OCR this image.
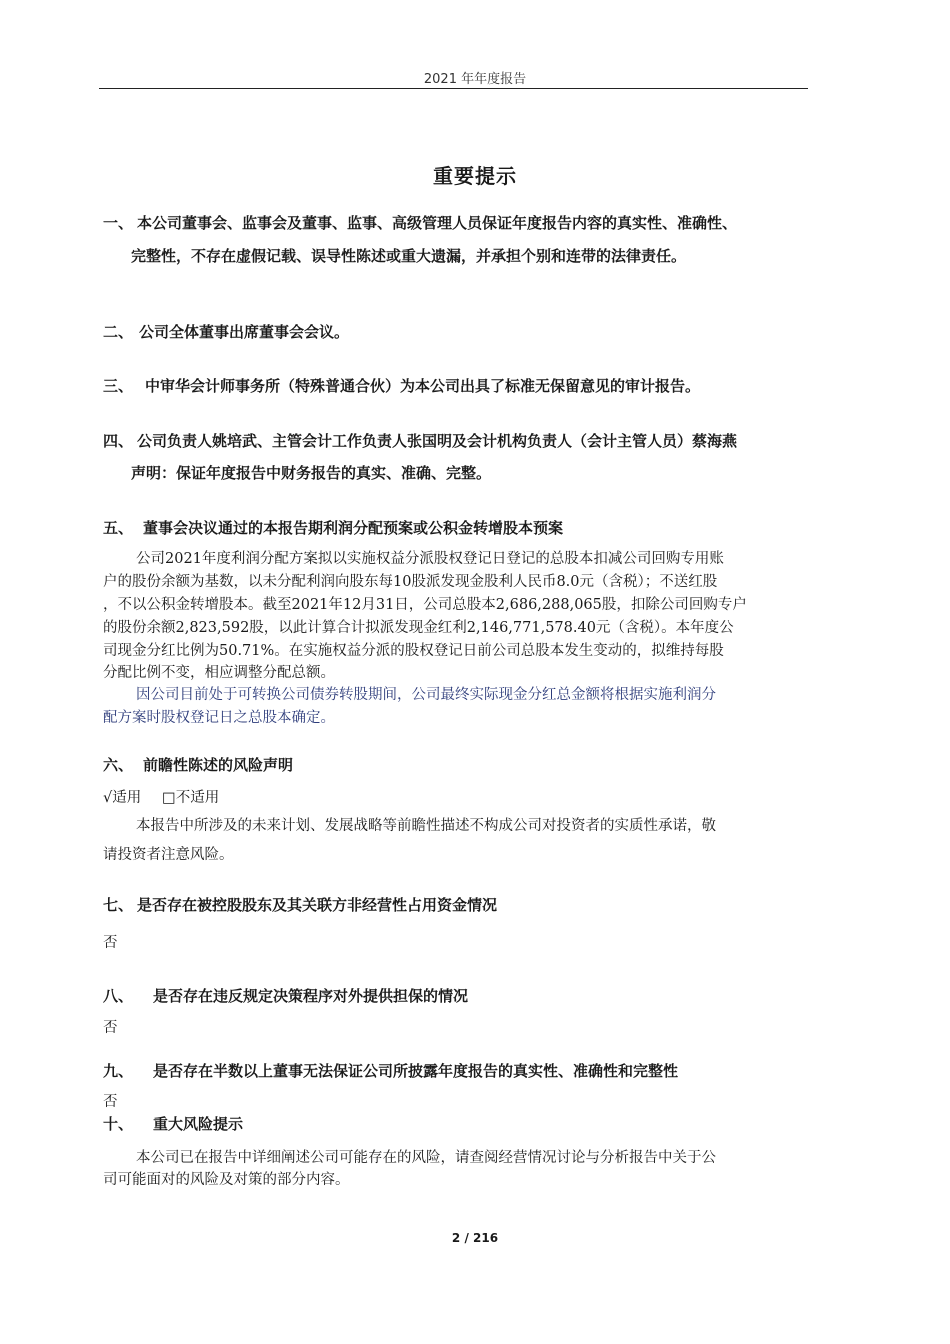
2021 年年度报告
重要提示
一、 本公司董事会、监事会及董事、监事、高级管理人员保证年度报告内容的真实性、准确性、
完整性，不存在虚假记载、误导性陈述或重大遗漏，并承担个别和连带的法律责任。
二、 公司全体董事出席董事会会议。
三、 中审华会计师事务所（特殊普通合伙）为本公司出具了标准无保留意见的审计报告。
四、 公司负责人姚培武、主管会计工作负责人张国明及会计机构负责人（会计主管人员）蔡海燕
声明：保证年度报告中财务报告的真实、准确、完整。
五、 董事会决议通过的本报告期利润分配预案或公积金转增股本预案
公司2021年度利润分配方案拟以实施权益分派股权登记日登记的总股本扣减公司回购专用账
户的股份余额为基数，以未分配利润向股东每10股派发现金股利人民币8.0元（含税）；不送红股
，不以公积金转增股本。截至2021年12月31日，公司总股本2,686,288,065股，扣除公司回购专户
的股份余额2,823,592股，以此计算合计拟派发现金红利2,146,771,578.40元（含税）。本年度公
司现金分红比例为50.71%。在实施权益分派的股权登记日前公司总股本发生变动的，拟维持每股
分配比例不变，相应调整分配总额。
因公司目前处于可转换公司债券转股期间，公司最终实际现金分红总金额将根据实施利润分
配方案时股权登记日之总股本确定。
六、 前瞻性陈述的风险声明
√适用 □不适用
本报告中所涉及的未来计划、发展战略等前瞻性描述不构成公司对投资者的实质性承诺，敬
请投资者注意风险。
七、 是否存在被控股股东及其关联方非经营性占用资金情况
否
八、 是否存在违反规定决策程序对外提供担保的情况
否
九、 是否存在半数以上董事无法保证公司所披露年度报告的真实性、准确性和完整性
否
十、 重大风险提示
本公司已在报告中详细阐述公司可能存在的风险，请查阅经营情况讨论与分析报告中关于公
司可能面对的风险及对策的部分内容。
2 / 216
